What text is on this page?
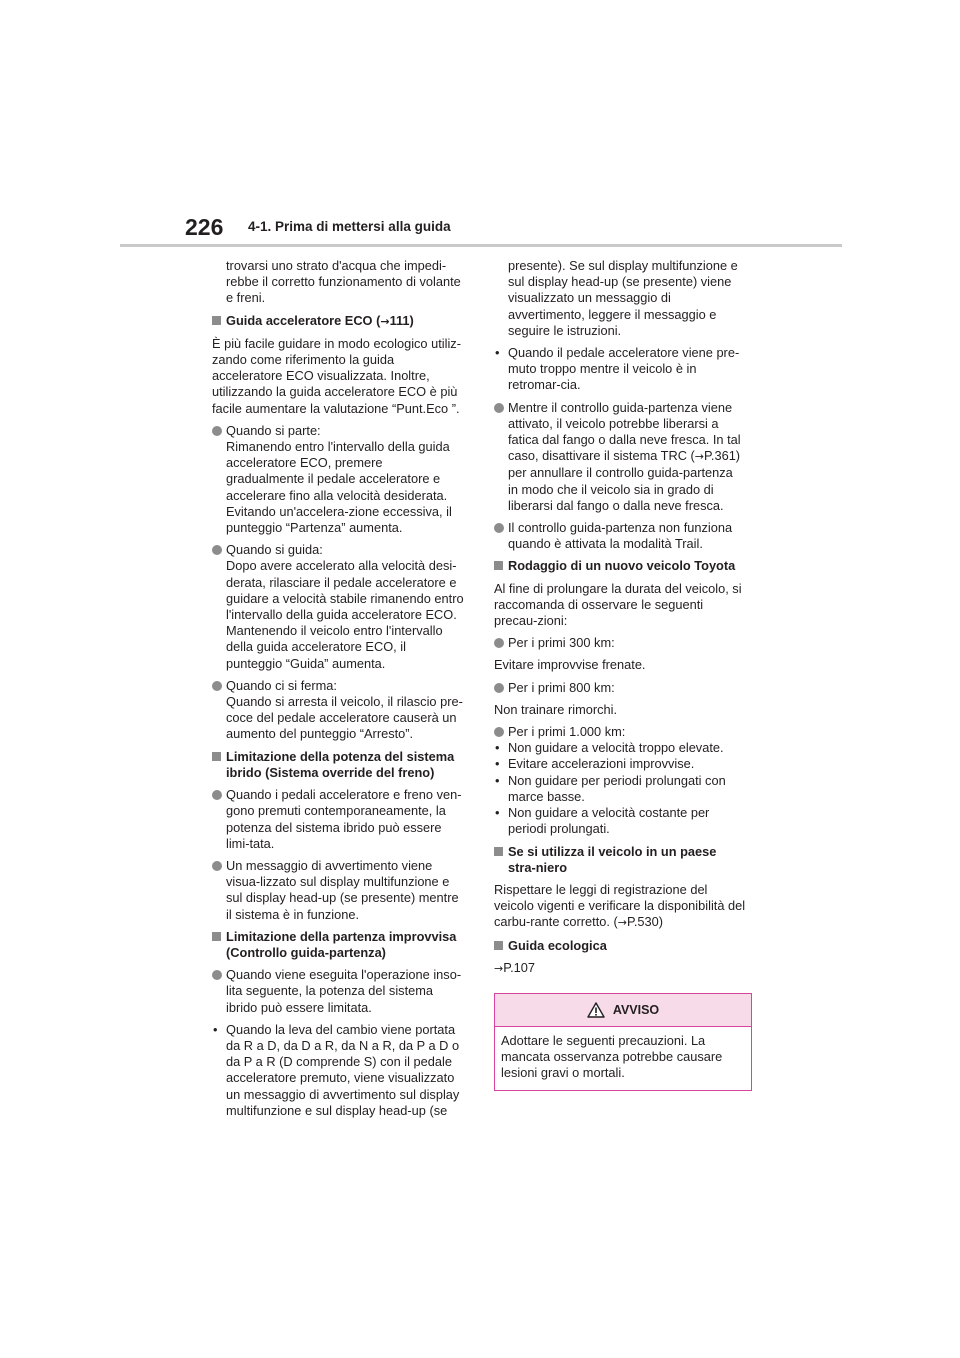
226 4-1. Prima di mettersi alla guida

trovarsi uno strato d'acqua che impedi-rebbe il corretto funzionamento di volante e freni.

Guida acceleratore ECO (→111)

È più facile guidare in modo ecologico utiliz-zando come riferimento la guida acceleratore ECO visualizzata. Inoltre, utilizzando la guida acceleratore ECO è più facile aumentare la valutazione “Punt.Eco ”.

Quando si parte:
Rimanendo entro l'intervallo della guida acceleratore ECO, premere gradualmente il pedale acceleratore e accelerare fino alla velocità desiderata. Evitando un'accelera-zione eccessiva, il punteggio “Partenza” aumenta.
Quando si guida:
Dopo avere accelerato alla velocità desi-derata, rilasciare il pedale acceleratore e guidare a velocità stabile rimanendo entro l'intervallo della guida acceleratore ECO. Mantenendo il veicolo entro l'intervallo della guida acceleratore ECO, il punteggio “Guida” aumenta.
Quando ci si ferma:
Quando si arresta il veicolo, il rilascio pre-coce del pedale acceleratore causerà un aumento del punteggio “Arresto”.
Limitazione della potenza del sistema ibrido (Sistema override del freno)
Quando i pedali acceleratore e freno ven-gono premuti contemporaneamente, la potenza del sistema ibrido può essere limi-tata.
Un messaggio di avvertimento viene visua-lizzato sul display multifunzione e sul display head-up (se presente) mentre il sistema è in funzione.
Limitazione della partenza improvvisa (Controllo guida-partenza)
Quando viene eseguita l'operazione inso-lita seguente, la potenza del sistema ibrido può essere limitata.
• Quando la leva del cambio viene portata da R a D, da D a R, da N a R, da P a D o da P a R (D comprende S) con il pedale acceleratore premuto, viene visualizzato un messaggio di avvertimento sul display multifunzione e sul display head-up (se

presente). Se sul display multifunzione e sul display head-up (se presente) viene visualizzato un messaggio di avvertimento, leggere il messaggio e seguire le istruzioni.

• Quando il pedale acceleratore viene pre-muto troppo mentre il veicolo è in retromar-cia.
Mentre il controllo guida-partenza viene attivato, il veicolo potrebbe liberarsi a fatica dal fango o dalla neve fresca. In tal caso, disattivare il sistema TRC (→P.361) per annullare il controllo guida-partenza in modo che il veicolo sia in grado di liberarsi dal fango o dalla neve fresca.
Il controllo guida-partenza non funziona quando è attivata la modalità Trail.
Rodaggio di un nuovo veicolo Toyota

Al fine di prolungare la durata del veicolo, si raccomanda di osservare le seguenti precau-zioni:

Per i primi 300 km:

Evitare improvvise frenate.

Per i primi 800 km:

Non trainare rimorchi.

Per i primi 1.000 km:
• Non guidare a velocità troppo elevate.
• Evitare accelerazioni improvvise.
• Non guidare per periodi prolungati con marce basse.
• Non guidare a velocità costante per periodi prolungati.
Se si utilizza il veicolo in un paese stra-niero

Rispettare le leggi di registrazione del veicolo vigenti e verificare la disponibilità del carbu-rante corretto. (→P.530)

Guida ecologica

→P.107

AVVISO
Adottare le seguenti precauzioni. La mancata osservanza potrebbe causare lesioni gravi o mortali.
